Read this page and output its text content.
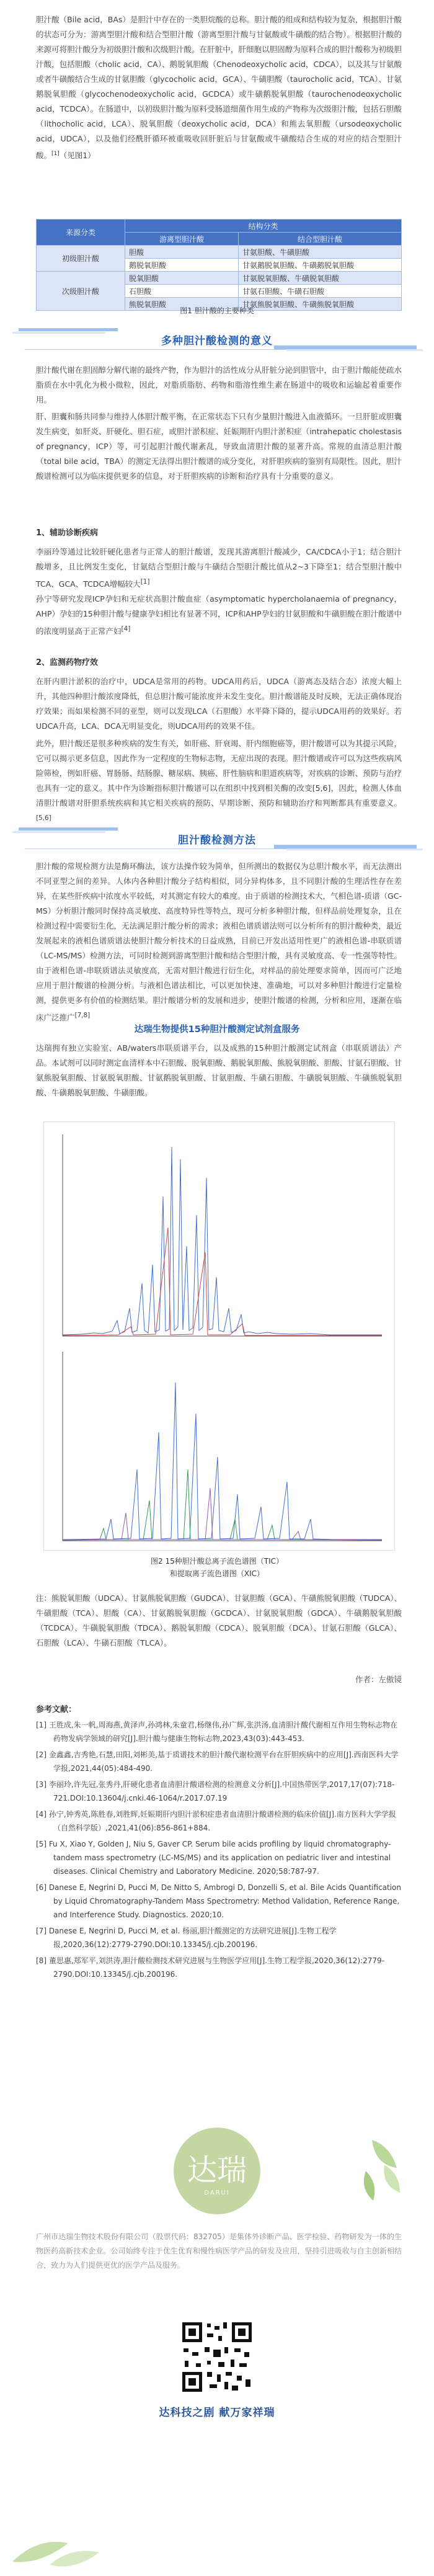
胆汁酸（Bile acid，BAs）是胆汁中存在的一类胆烷酸的总称。胆汁酸的组成和结构较为复杂，根据胆汁酸的状态可分为：游离型胆汁酸和结合型胆汁酸（游离型胆汁酸与甘氨酸或牛磺酸的结合物）。根据胆汁酸的来源可将胆汁酸分为初级胆汁酸和次级胆汁酸。在肝脏中，肝细胞以胆固醇为原料合成的胆汁酸称为初级胆汁酸，包括胆酸（cholic acid，CA）、鹅脱氧胆酸（Chenodeoxycholic acid，CDCA），以及其与甘氨酸或者牛磺酸结合生成的甘氨胆酸（glycocholic acid，GCA）、牛磺胆酸（taurocholic acid，TCA）、甘氨鹅脱氧胆酸（glycochenodeoxycholic acid，GCDCA）或牛磺鹅脱氧胆酸（taurochenodeoxycholic acid，TCDCA）。在肠道中，以初级胆汁酸为原料受肠道细菌作用生成的产物称为次级胆汁酸，包括石胆酸（lithocholic acid，LCA）、脱氧胆酸（deoxycholic acid，DCA）和熊去氧胆酸（ursodeoxycholic acid，UDCA），以及他们经酰肝循环被重吸收回肝脏后与甘氨酸或牛磺酸结合生成的对应的结合型胆汁酸。[1]（见图1）
来源分类	结构分类	
	游离型胆汁酸	结合型胆汁酸
初级胆汁酸	胆酸	甘氨胆酸、牛磺胆酸
	鹅脱氧胆酸	甘氨鹅脱氧胆酸、牛磺鹅脱氧胆酸
次级胆汁酸	脱氧胆酸	甘氨脱氧胆酸、牛磺脱氧胆酸
	石胆酸	甘氨石胆酸、牛磺石胆酸
	熊脱氧胆酸	甘氨熊脱氧胆酸、牛磺熊脱氧胆酸
图1 胆汁酸的主要种类
多种胆汁酸检测的意义
胆汁酸代谢在胆固醇分解代谢的最终产物，作为胆汁的活性成分从肝脏分泌到胆管中，由于胆汁酸能使疏水脂质在水中乳化为极小微粒，因此，对脂质脂肪、药物和脂溶性维生素在肠道中的吸收和运输起着重要作用。
肝、胆囊和肠共同参与维持人体胆汁酸平衡，在正常状态下只有少量胆汁酸进入血液循环。一旦肝脏或胆囊发生病变，如肝炎、肝硬化、胆石症，或胆汁淤积症、妊娠期肝内胆汁淤积症（intrahepatic cholestasis of pregnancy，ICP）等，可引起胆汁酸代谢紊乱，导致血清胆汁酸的显著升高。常规的血清总胆汁酸（total bile acid，TBA）的测定无法得出胆汁酸谱的成分变化，对肝胆疾病的鉴别有局限性。因此，胆汁酸谱检测可以为临床提供更多的信息，对于肝胆疾病的诊断和治疗具有十分重要的意义。
1、辅助诊断疾病
李丽玲等通过比较肝硬化患者与正常人的胆汁酸谱，发现其游离胆汁酸减少，CA/CDCA小于1；结合胆汁酸增多，且比例发生变化，甘氨结合型胆汁酸与牛磺结合型胆汁酸比值从2~3下降至1；结合型胆汁酸中TCA、GCA、TCDCA增幅较大[1]
孙宁等研究发现ICP孕妇和无症状高胆汁酸血症（asymptomatic hypercholanaemia of pregnancy，AHP）孕妇的15种胆汁酸与健康孕妇相比有显著不同，ICP和AHP孕妇的甘氨胆酸和牛磺胆酸在胆汁酸谱中的浓度明显高于正常产妇[4]
2、监测药物疗效
在肝内胆汁淤积的治疗中，UDCA是常用的药物。UDCA用药后，UDCA（游离态及结合态）浓度大幅上升，其他四种胆汁酸浓度降低，但总胆汁酸可能浓度并未发生变化。胆汁酸谱能及时反映，无法正确体现治疗效果；而如果检测不同的亚型，则可以发现LCA（石胆酸）水平降下降的，提示UDCA用药的效果好。若UDCA升高，LCA、DCA无明显变化，则UDCA用药的效果不佳。
此外，胆汁酸还是很多种疾病的发生有关，如肝癌、肝衰竭、肝内细胞癌等，胆汁酸谱可以为其提示风险，它可以揭示更多信息，因此作为一定程度的生物标志物，无症出现的表现。胆汁酸谱或许可以为这些疾病风险筛检，例如肝癌、胃肠肠、结肠腺、糖尿病、胰癌、肝性脑病和胆道疾病等，对疾病的诊断、预防与治疗也具有一定的意义。其中作为诊断指标胆汁酸谱可以在组织中找到相关酶的改变[5,6]，因此，检测人体血清胆汁酸谱对肝胆系统疾病和其它相关疾病的预防、早期诊断、预防和辅助治疗和判断都具有重要意义。[5,6]
胆汁酸检测方法
胆汁酸的常规检测方法是酶环酶法，该方法操作较为简单，但所测出的数据仅为总胆汁酸水平，而无法测出不同亚型之间的差异。人体内各种胆汁酸分子结构相似，同分异构体多，且不同胆汁酸的生理活性存在差异，在某些肝疾病中浓度水平较低，对其测定有较大的难度。由于质谱的检测技术大，气相色谱-质谱（GC-MS）分析胆汁酸同时保持高灵敏度、高度特异性等特点，现可分析多种胆汁酸，但样品前处理复杂，且在检测过程中需要衍生化，无法满足胆汁酸分析的需求；液相色谱质谱法则可以分析所有的胆汁酸种类，最近发展起来的液相色谱质谱法使胆汁酸分析技术的日益成熟，目前已开发出适用性更广的液相色谱-串联质谱（LC-MS/MS）检测方法，可同时检测到游离型胆汁酸和结合型胆汁酸，具有灵敏度高、专一性强等特性。由于液相色谱-串联质谱法灵敏度高，无需对胆汁酸进行衍生化，对样品的前处理要求简单，因而可广泛地应用于胆汁酸谱的检测分析。与液相色谱法相比，可以更加快速、准确地，可以对多种胆汁酸进行定量检测，提供更多有价值的检测结果。胆汁酸谱分析的发展和进步，使胆汁酸谱的检测，分析和应用，逐渐在临床广泛推广[7,8]
达瑞生物提供15种胆汁酸测定试剂盒服务
达瑞拥有独立实验室、AB/waters串联质谱平台，以及成熟的15种胆汁酸测定试剂盒（串联质谱法）产品。本试剂可以同时测定血清样本中石胆酸、脱氧胆酸、鹅脱氧胆酸、熊脱氧胆酸、胆酸、甘氨石胆酸、甘氨熊脱氧胆酸、甘氨脱氧胆酸、甘氨鹅脱氧胆酸、甘氨胆酸、牛磺石胆酸、牛磺脱氧胆酸、牛磺熊脱氧胆酸、牛磺鹅脱氧胆酸、牛磺胆酸。
图2 15种胆汁酸总离子流色谱图（TIC）
和提取离子流色谱图（XIC）
注：熊脱氧胆酸（UDCA）、甘氨熊脱氧胆酸（GUDCA）、甘氨胆酸（GCA）、牛磺熊脱氧胆酸（TUDCA）、牛磺胆酸（TCA）、胆酸（CA）、甘氨鹅脱氧胆酸（GCDCA）、甘氨脱氧胆酸（GDCA）、牛磺鹅脱氧胆酸（TCDCA）、牛磺脱氧胆酸（TDCA）、鹅脱氧胆酸（CDCA）、脱氧胆酸（DCA）、甘氨石胆酸（GLCA）、石胆酸（LCA）、牛磺石胆酸（TLCA）。
作者：左傲镜
参考文献：

[1] 王胜成,朱一帆,周海燕,黄泽声,孙鸿林,朱童君,杨继伟,孙广辉,张洪汤,血清胆汁酸代谢相互作用生物标志物在药物发病学领域的研究[J].胆汁酸与健康生物标志物,2023,43(03):443-453.

[2] 金鑫鑫,吉秀艳,石慧,田阳,刘彬美,基于质谱技术的胆汁酸代谢检测平台在肝胆疾病中的应用[J].西南医科大学学报,2021,44(05):484-490.

[3] 李丽玲,许先冠,张秀丹,肝硬化患者血清胆汁酸谱检测的检测意义分析[J].中国热带医学,2017,17(07):718-721.DOI:10.13604/j.cnki.46-1064/r.2017.07.19

[4] 孙宁,钟秀英,陈胜春,刘胜辉,妊娠期肝内胆汁淤积症患者血清胆汁酸谱检测的临床价值[J].南方医科大学学报（自然科学版）,2021,41(06):856-861+884.

[5] Fu X, Xiao Y, Golden J, Niu S, Gaver CP. Serum bile acids profiling by liquid chromatography-tandem mass spectrometry (LC-MS/MS) and its application on pediatric liver and intestinal diseases. Clinical Chemistry and Laboratory Medicine. 2020;58:787-97.

[6] Danese E, Negrini D, Pucci M, De Nitto S, Ambrogi D, Donzelli S, et al. Bile Acids Quantification by Liquid Chromatography-Tandem Mass Spectrometry: Method Validation, Reference Range, and Interference Study. Diagnostics. 2020;10.

[7] Danese E, Negrini D, Pucci M, et al. 杨丽,胆汁酸测定的方法研究进展[J].生物工程学报,2020,36(12):2779-2790.DOI:10.13345/j.cjb.200196.

[8] 董思惠,郑军平,刘洪涛,胆汁酸检测技术研究进展与生物医学应用[J].生物工程学报,2020,36(12):2779-2790.DOI:10.13345/j.cjb.200196.

达瑞
DARUI
广州市达瑞生物技术股份有限公司（股票代码：832705）是集体外诊断产品、医学检验、药物研发为一体的生物医药高新技术企业。公司始终专注于优生优育和慢性病医学产品的研发及应用，坚持引进吸收与自主创新相结合，致力为人们提供更优的医学产品及服务。
达科技之剧 献万家祥瑞
